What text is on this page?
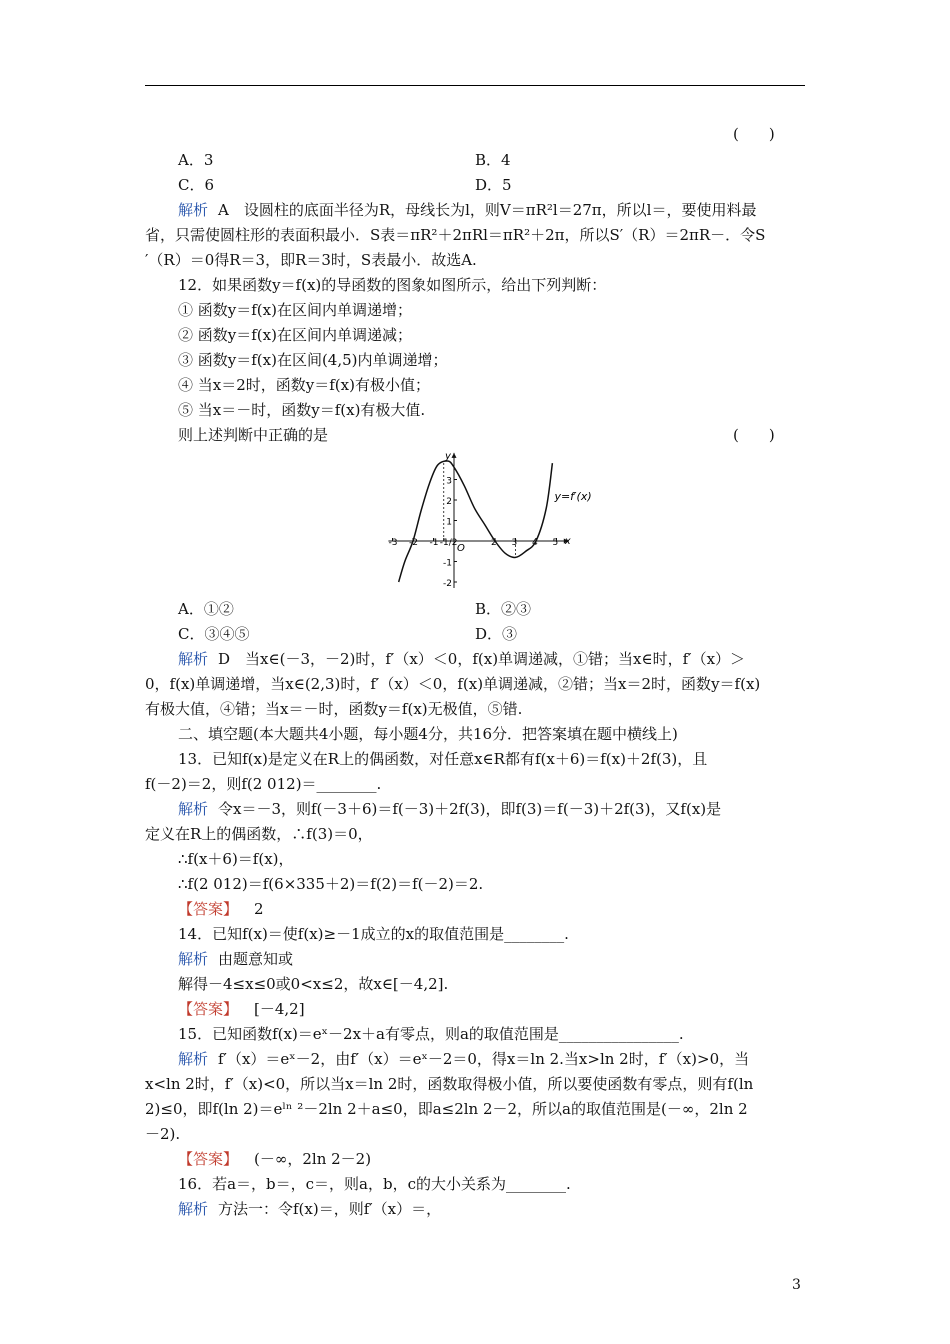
(　　)
A．3	B．4
C．6	D．5
解析 A　设圆柱的底面半径为R，母线长为l，则V＝πR²l＝27π，所以l＝，要使用料最
省，只需使圆柱形的表面积最小．S表＝πR²＋2πRl＝πR²＋2π，所以S′（R）＝2πR－．令S
′（R）＝0得R＝3，即R＝3时，S表最小．故选A.
12．如果函数y＝f(x)的导函数的图象如图所示，给出下列判断：
① 函数y＝f(x)在区间内单调递增；
② 函数y＝f(x)在区间内单调递减；
③ 函数y＝f(x)在区间(4,5)内单调递增；
④ 当x＝2时，函数y＝f(x)有极小值；
⑤ 当x＝－时，函数y＝f(x)有极大值.
则上述判断中正确的是	(　　)
x
y
O
-3 -2 -1 -1/2	2 3 4 5
3
2
1
-1
-2
y=f′(x)
A．①②	B．②③
C．③④⑤	D．③
解析 D　当x∈(－3，－2)时，f′（x）＜0，f(x)单调递减，①错；当x∈时，f′（x）＞
0，f(x)单调递增，当x∈(2,3)时，f′（x）＜0，f(x)单调递减，②错；当x＝2时，函数y＝f(x)
有极大值，④错；当x＝－时，函数y＝f(x)无极值，⑤错.
二、填空题(本大题共4小题，每小题4分，共16分．把答案填在题中横线上)
13．已知f(x)是定义在R上的偶函数，对任意x∈R都有f(x＋6)＝f(x)＋2f(3)，且
f(－2)＝2，则f(2 012)＝________.
解析 令x＝－3，则f(－3＋6)＝f(－3)＋2f(3)，即f(3)＝f(－3)＋2f(3)，又f(x)是
定义在R上的偶函数，∴f(3)＝0，
∴f(x＋6)＝f(x)，
∴f(2 012)＝f(6×335＋2)＝f(2)＝f(－2)＝2.
【答案】 2
14．已知f(x)＝使f(x)≥－1成立的x的取值范围是________.
解析 由题意知或
解得－4≤x≤0或0<x≤2，故x∈[－4,2].
【答案】 [－4,2]
15．已知函数f(x)＝eˣ－2x＋a有零点，则a的取值范围是________________.
解析 f′（x）＝eˣ－2，由f′（x）＝eˣ－2＝0，得x＝ln 2.当x>ln 2时，f′（x)>0，当
x<ln 2时，f′（x)<0，所以当x＝ln 2时，函数取得极小值，所以要使函数有零点，则有f(ln
2)≤0，即f(ln 2)＝eˡⁿ ²－2ln 2＋a≤0，即a≤2ln 2－2，所以a的取值范围是(－∞，2ln 2
－2).
【答案】 (－∞，2ln 2－2)
16．若a＝，b＝，c＝，则a，b，c的大小关系为________.
解析 方法一：令f(x)＝，则f′（x）＝，
3
